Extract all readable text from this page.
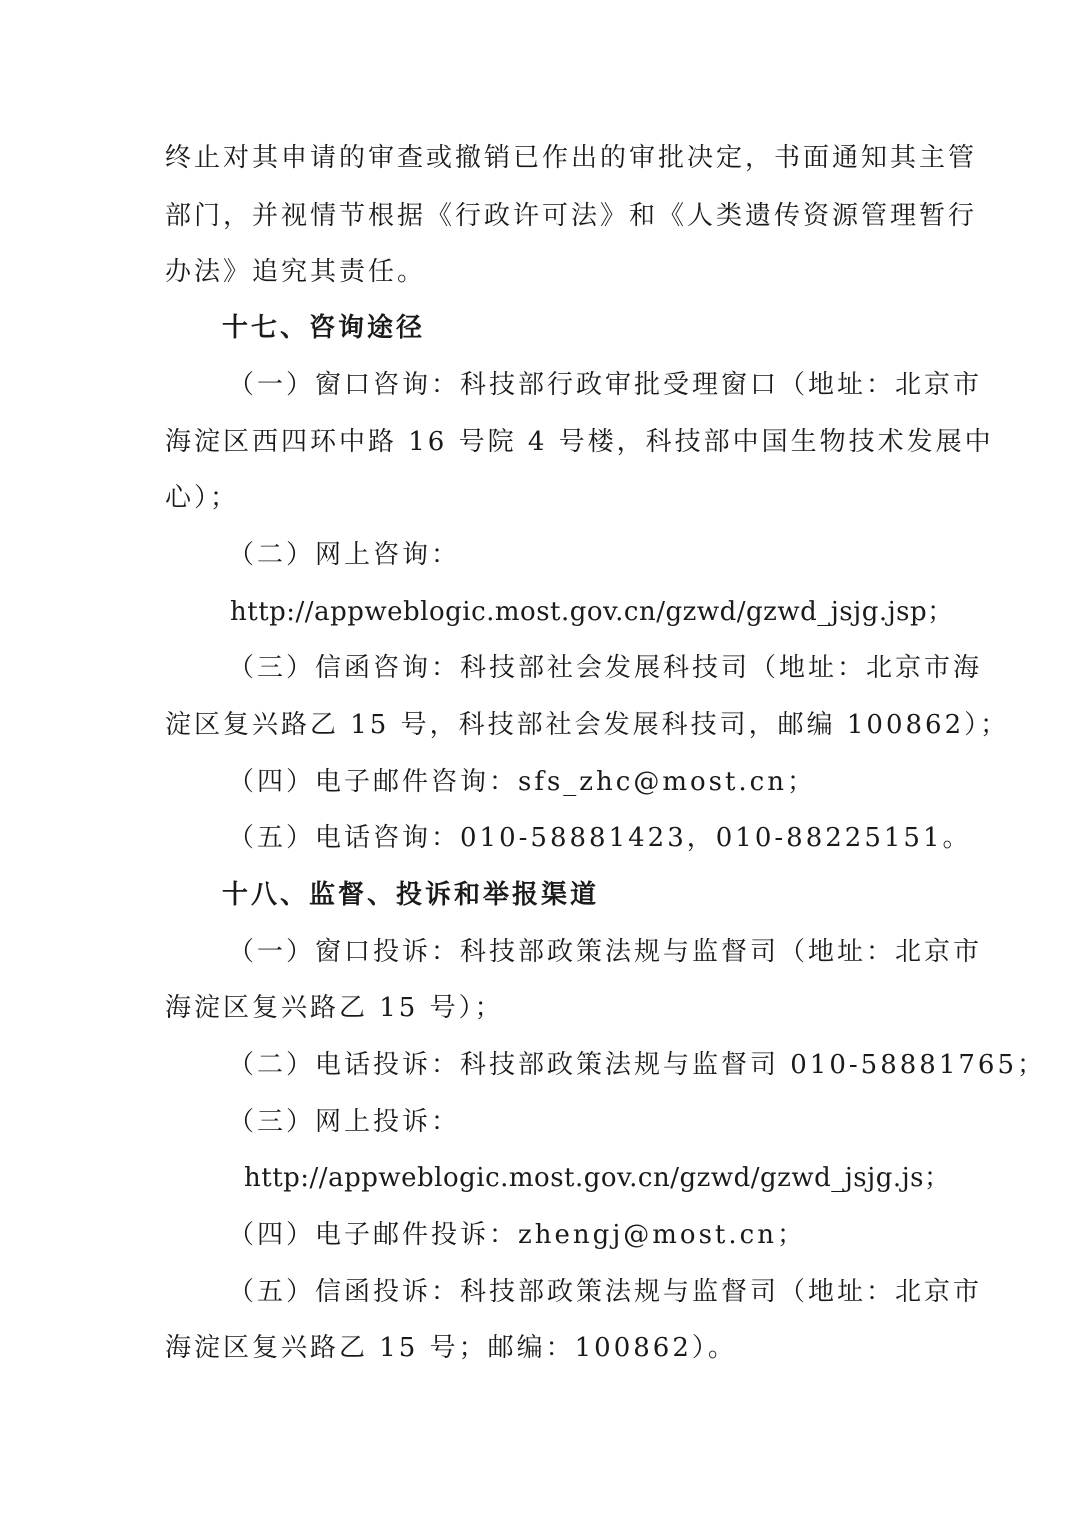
终止对其申请的审查或撤销已作出的审批决定，书面通知其主管
部门，并视情节根据《行政许可法》和《人类遗传资源管理暂行
办法》追究其责任。
十七、咨询途径
（一）窗口咨询：科技部行政审批受理窗口（地址：北京市
海淀区西四环中路 16 号院 4 号楼，科技部中国生物技术发展中
心）；
（二）网上咨询：
http://appweblogic.most.gov.cn/gzwd/gzwd_jsjg.jsp；
（三）信函咨询：科技部社会发展科技司（地址：北京市海
淀区复兴路乙 15 号，科技部社会发展科技司，邮编 100862）；
（四）电子邮件咨询：sfs_zhc@most.cn；
（五）电话咨询：010-58881423，010-88225151。
十八、监督、投诉和举报渠道
（一）窗口投诉：科技部政策法规与监督司（地址：北京市
海淀区复兴路乙 15 号）；
（二）电话投诉：科技部政策法规与监督司 010-58881765；
（三）网上投诉：
http://appweblogic.most.gov.cn/gzwd/gzwd_jsjg.js；
（四）电子邮件投诉：zhengj@most.cn；
（五）信函投诉：科技部政策法规与监督司（地址：北京市
海淀区复兴路乙 15 号；邮编：100862）。
